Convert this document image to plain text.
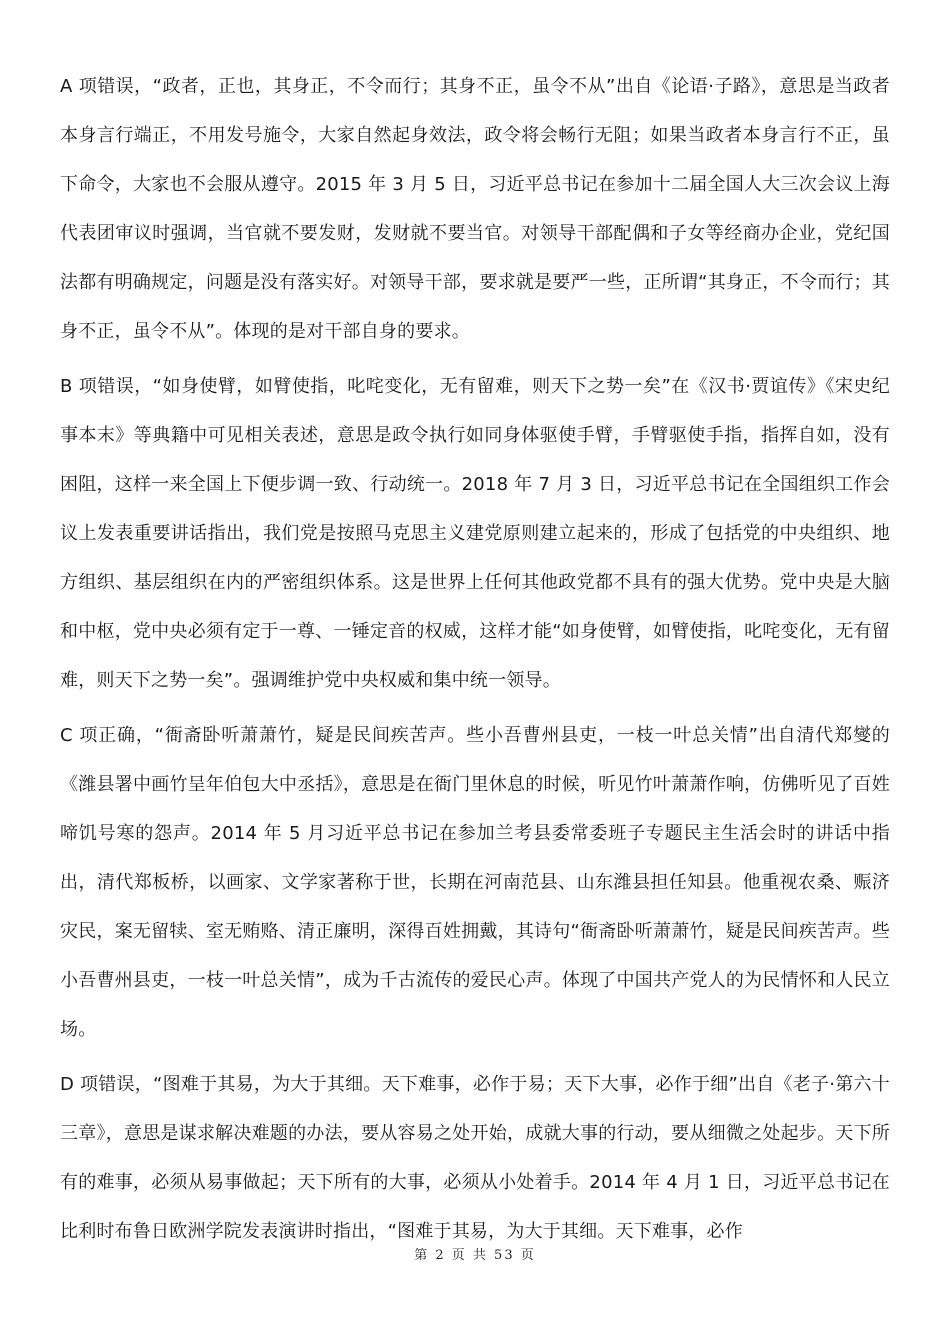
A 项错误，“政者，正也，其身正，不令而行；其身不正，虽令不从”出自《论语·子路》，意思是当政者本身言行端正，不用发号施令，大家自然起身效法，政令将会畅行无阻；如果当政者本身言行不正，虽下命令，大家也不会服从遵守。2015 年 3 月 5 日，习近平总书记在参加十二届全国人大三次会议上海代表团审议时强调，当官就不要发财，发财就不要当官。对领导干部配偶和子女等经商办企业，党纪国法都有明确规定，问题是没有落实好。对领导干部，要求就是要严一些，正所谓“其身正，不令而行；其身不正，虽令不从”。体现的是对干部自身的要求。

B 项错误，“如身使臂，如臂使指，叱咤变化，无有留难，则天下之势一矣”在《汉书·贾谊传》《宋史纪事本末》等典籍中可见相关表述，意思是政令执行如同身体驱使手臂，手臂驱使手指，指挥自如，没有困阻，这样一来全国上下便步调一致、行动统一。2018 年 7 月 3 日，习近平总书记在全国组织工作会议上发表重要讲话指出，我们党是按照马克思主义建党原则建立起来的，形成了包括党的中央组织、地方组织、基层组织在内的严密组织体系。这是世界上任何其他政党都不具有的强大优势。党中央是大脑和中枢，党中央必须有定于一尊、一锤定音的权威，这样才能“如身使臂，如臂使指，叱咤变化，无有留难，则天下之势一矣”。强调维护党中央权威和集中统一领导。

C 项正确，“衙斋卧听萧萧竹，疑是民间疾苦声。些小吾曹州县吏，一枝一叶总关情”出自清代郑燮的《潍县署中画竹呈年伯包大中丞括》，意思是在衙门里休息的时候，听见竹叶萧萧作响，仿佛听见了百姓啼饥号寒的怨声。2014 年 5 月习近平总书记在参加兰考县委常委班子专题民主生活会时的讲话中指出，清代郑板桥，以画家、文学家著称于世，长期在河南范县、山东潍县担任知县。他重视农桑、赈济灾民，案无留犊、室无贿赂、清正廉明，深得百姓拥戴，其诗句“衙斋卧听萧萧竹，疑是民间疾苦声。些小吾曹州县吏，一枝一叶总关情”，成为千古流传的爱民心声。体现了中国共产党人的为民情怀和人民立场。

D 项错误，“图难于其易，为大于其细。天下难事，必作于易；天下大事，必作于细”出自《老子·第六十三章》，意思是谋求解决难题的办法，要从容易之处开始，成就大事的行动，要从细微之处起步。天下所有的难事，必须从易事做起；天下所有的大事，必须从小处着手。2014 年 4 月 1 日，习近平总书记在比利时布鲁日欧洲学院发表演讲时指出，“图难于其易，为大于其细。天下难事，必作

第 2 页 共 53 页
